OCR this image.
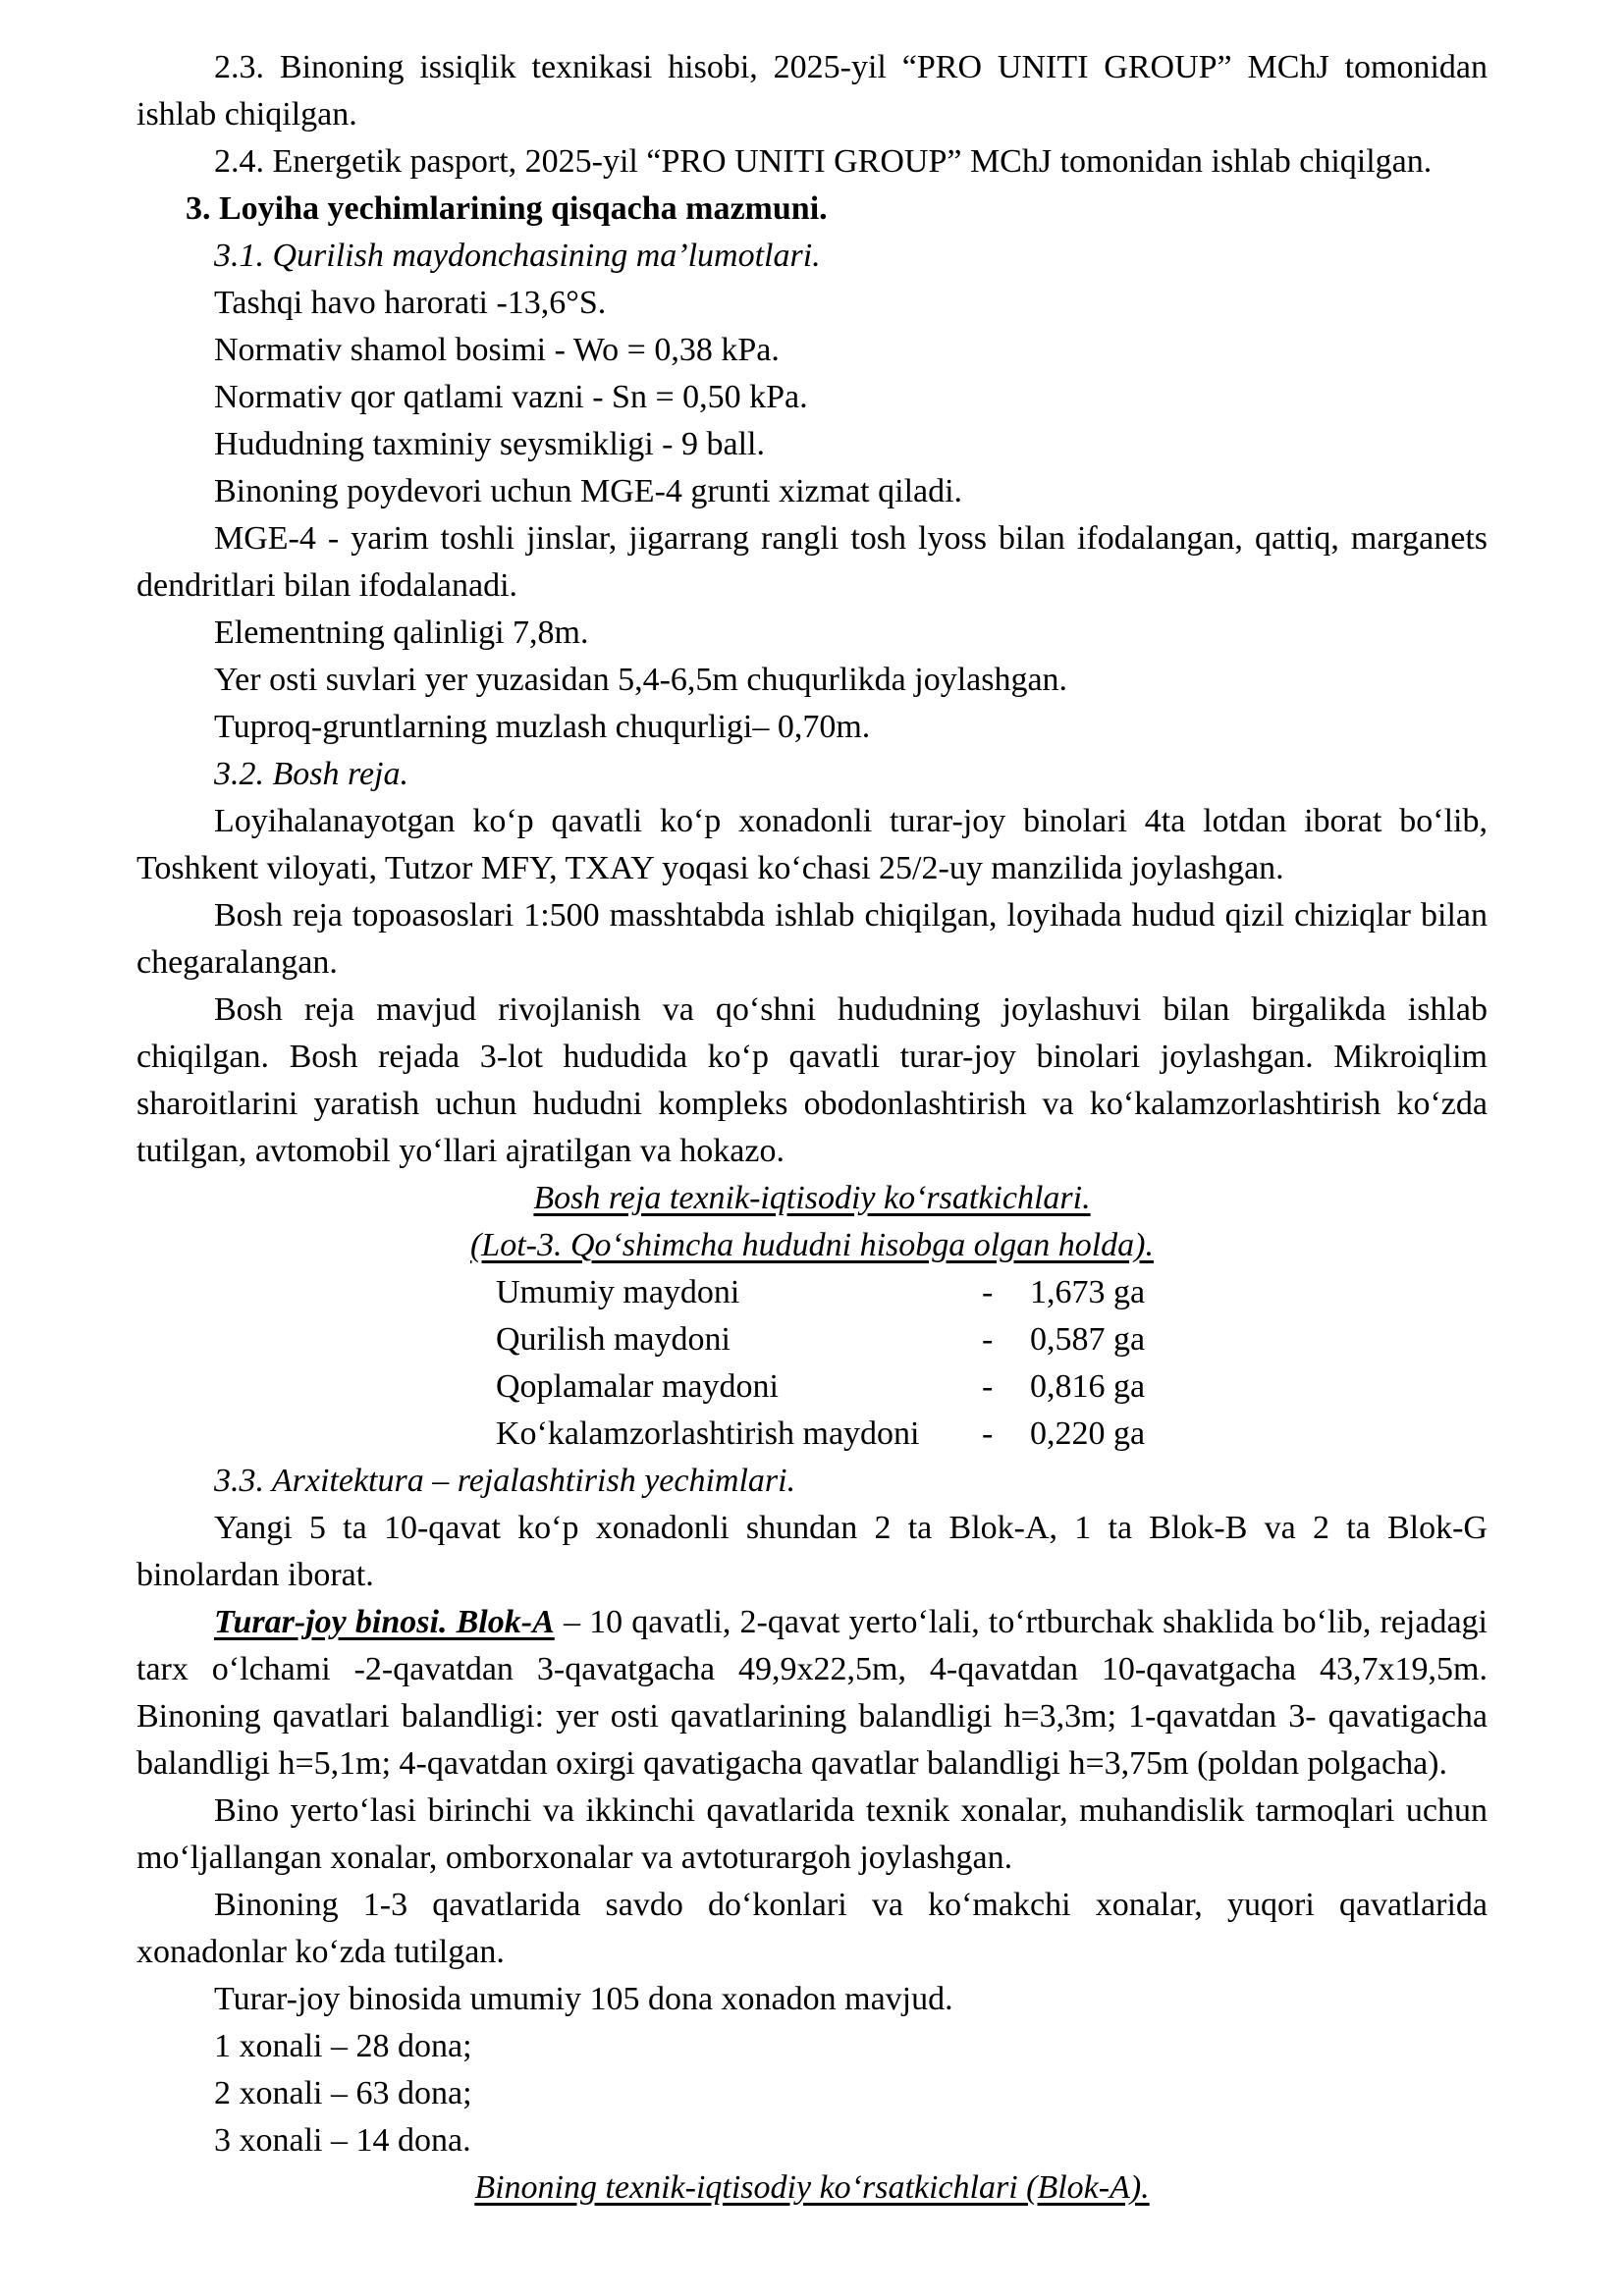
2.3. Binoning issiqlik texnikasi hisobi, 2025-yil “PRO UNITI GROUP” MChJ tomonidan ishlab chiqilgan.

2.4. Energetik pasport, 2025-yil “PRO UNITI GROUP” MChJ tomonidan ishlab chiqilgan.

3. Loyiha yechimlarining qisqacha mazmuni.

3.1. Qurilish maydonchasining maʼlumotlari.

Tashqi havo harorati -13,6°S.

Normativ shamol bosimi - Wo = 0,38 kPa.

Normativ qor qatlami vazni - Sn = 0,50 kPa.

Hududning taxminiy seysmikligi - 9 ball.

Binoning poydevori uchun MGE-4 grunti xizmat qiladi.

MGE-4 - yarim toshli jinslar, jigarrang rangli tosh lyoss bilan ifodalangan, qattiq, marganets dendritlari bilan ifodalanadi.

Elementning qalinligi 7,8m.

Yer osti suvlari yer yuzasidan 5,4-6,5m chuqurlikda joylashgan.

Tuproq-gruntlarning muzlash chuqurligi– 0,70m.

3.2. Bosh reja.

Loyihalanayotgan koʻp qavatli koʻp xonadonli turar-joy binolari 4ta lotdan iborat boʻlib, Toshkent viloyati, Tutzor MFY, TXAY yoqasi koʻchasi 25/2-uy manzilida joylashgan.

Bosh reja topoasoslari 1:500 masshtabda ishlab chiqilgan, loyihada hudud qizil chiziqlar bilan chegaralangan.

Bosh reja mavjud rivojlanish va qoʻshni hududning joylashuvi bilan birgalikda ishlab chiqilgan. Bosh rejada 3-lot hududida koʻp qavatli turar-joy binolari joylashgan. Mikroiqlim sharoitlarini yaratish uchun hududni kompleks obodonlashtirish va koʻkalamzorlashtirish koʻzda tutilgan, avtomobil yoʻllari ajratilgan va hokazo.

Bosh reja texnik-iqtisodiy koʻrsatkichlari.

(Lot-3. Qoʻshimcha hududni hisobga olgan holda).

Umumiy maydoni	-	1,673 ga
Qurilish maydoni	-	0,587 ga
Qoplamalar maydoni	-	0,816 ga
Koʻkalamzorlashtirish maydoni	-	0,220 ga

3.3. Arxitektura – rejalashtirish yechimlari.

Yangi 5 ta 10-qavat koʻp xonadonli shundan 2 ta Blok-A, 1 ta Blok-B va 2 ta Blok-G binolardan iborat.

Turar-joy binosi. Blok-A – 10 qavatli, 2-qavat yertoʻlali, toʻrtburchak shaklida boʻlib, rejadagi tarx oʻlchami -2-qavatdan 3-qavatgacha 49,9x22,5m, 4-qavatdan 10-qavatgacha 43,7x19,5m. Binoning qavatlari balandligi: yer osti qavatlarining balandligi h=3,3m; 1-qavatdan 3- qavatigacha balandligi h=5,1m; 4-qavatdan oxirgi qavatigacha qavatlar balandligi h=3,75m (poldan polgacha).

Bino yertoʻlasi birinchi va ikkinchi qavatlarida texnik xonalar, muhandislik tarmoqlari uchun moʻljallangan xonalar, omborxonalar va avtoturargoh joylashgan.

Binoning 1-3 qavatlarida savdo doʻkonlari va koʻmakchi xonalar, yuqori qavatlarida xonadonlar koʻzda tutilgan.

Turar-joy binosida umumiy 105 dona xonadon mavjud.

1 xonali – 28 dona;

2 xonali – 63 dona;

3 xonali – 14 dona.

Binoning texnik-iqtisodiy koʻrsatkichlari (Blok-A).
